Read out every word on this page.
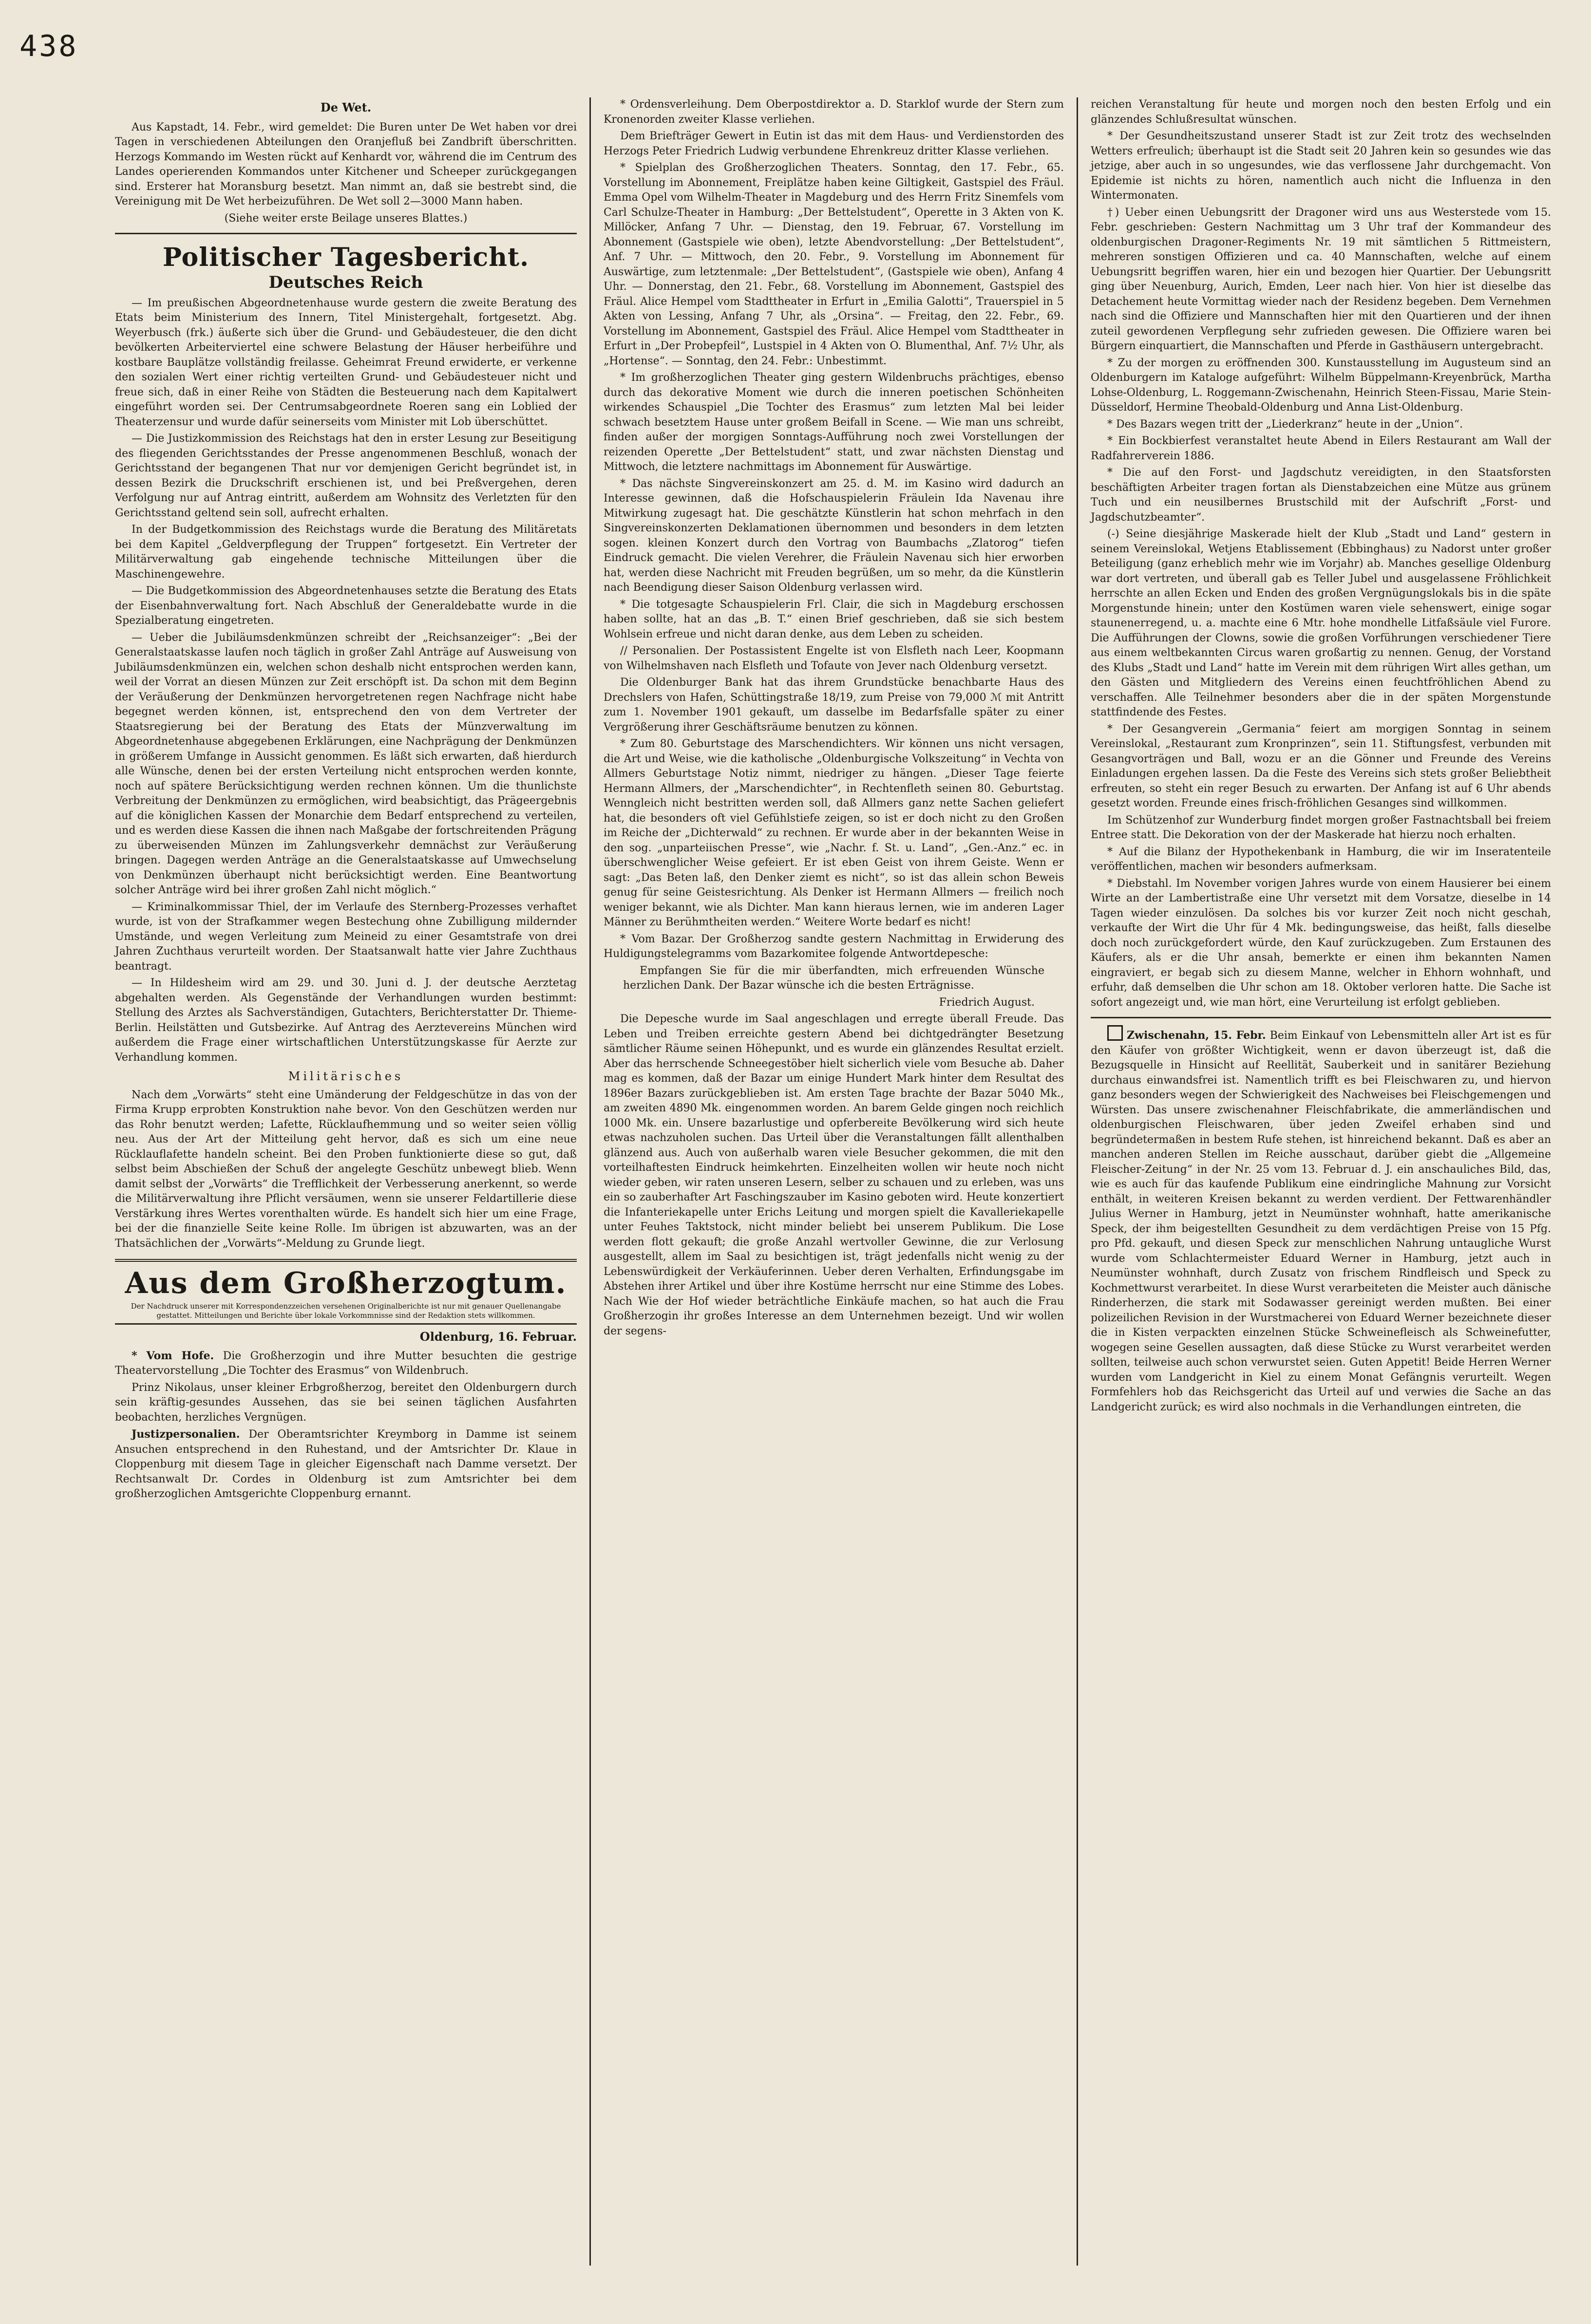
438
De Wet.

Aus Kapstadt, 14. Febr., wird gemeldet: Die Buren unter De Wet haben vor drei Tagen in verschiedenen Abteilungen den Oranjefluß bei Zandbrift überschritten. Herzogs Kommando im Westen rückt auf Kenhardt vor, während die im Centrum des Landes operierenden Kommandos unter Kitchener und Scheeper zurückgegangen sind. Ersterer hat Moransburg besetzt. Man nimmt an, daß sie bestrebt sind, die Vereinigung mit De Wet herbeizuführen. De Wet soll 2—3000 Mann haben.

(Siehe weiter erste Beilage unseres Blattes.)

Politischer Tagesbericht.
Deutsches Reich

— Im preußischen Abgeordnetenhause wurde gestern die zweite Beratung des Etats beim Ministerium des Innern, Titel Ministergehalt, fortgesetzt. Abg. Weyerbusch (frk.) äußerte sich über die Grund- und Gebäudesteuer, die den dicht bevölkerten Arbeiterviertel eine schwere Belastung der Häuser herbeiführe und kostbare Bauplätze vollständig freilasse. Geheimrat Freund erwiderte, er verkenne den sozialen Wert einer richtig verteilten Grund- und Gebäudesteuer nicht und freue sich, daß in einer Reihe von Städten die Besteuerung nach dem Kapitalwert eingeführt worden sei. Der Centrumsabgeordnete Roeren sang ein Loblied der Theaterzensur und wurde dafür seinerseits vom Minister mit Lob überschüttet.

— Die Justizkommission des Reichstags hat den in erster Lesung zur Beseitigung des fliegenden Gerichtsstandes der Presse angenommenen Beschluß, wonach der Gerichtsstand der begangenen That nur vor demjenigen Gericht begründet ist, in dessen Bezirk die Druckschrift erschienen ist, und bei Preßvergehen, deren Verfolgung nur auf Antrag eintritt, außerdem am Wohnsitz des Verletzten für den Gerichtsstand geltend sein soll, aufrecht erhalten.

In der Budgetkommission des Reichstags wurde die Beratung des Militäretats bei dem Kapitel „Geldverpflegung der Truppen“ fortgesetzt. Ein Vertreter der Militärverwaltung gab eingehende technische Mitteilungen über die Maschinengewehre.

— Die Budgetkommission des Abgeordnetenhauses setzte die Beratung des Etats der Eisenbahnverwaltung fort. Nach Abschluß der Generaldebatte wurde in die Spezialberatung eingetreten.

— Ueber die Jubiläumsdenkmünzen schreibt der „Reichsanzeiger“: „Bei der Generalstaatskasse laufen noch täglich in großer Zahl Anträge auf Ausweisung von Jubiläumsdenkmünzen ein, welchen schon deshalb nicht entsprochen werden kann, weil der Vorrat an diesen Münzen zur Zeit erschöpft ist. Da schon mit dem Beginn der Veräußerung der Denkmünzen hervorgetretenen regen Nachfrage nicht habe begegnet werden können, ist, entsprechend den von dem Vertreter der Staatsregierung bei der Beratung des Etats der Münzverwaltung im Abgeordnetenhause abgegebenen Erklärungen, eine Nachprägung der Denkmünzen in größerem Umfange in Aussicht genommen. Es läßt sich erwarten, daß hierdurch alle Wünsche, denen bei der ersten Verteilung nicht entsprochen werden konnte, noch auf spätere Berücksichtigung werden rechnen können. Um die thunlichste Verbreitung der Denkmünzen zu ermöglichen, wird beabsichtigt, das Prägeergebnis auf die königlichen Kassen der Monarchie dem Bedarf entsprechend zu verteilen, und es werden diese Kassen die ihnen nach Maßgabe der fortschreitenden Prägung zu überweisenden Münzen im Zahlungsverkehr demnächst zur Veräußerung bringen. Dagegen werden Anträge an die Generalstaatskasse auf Umwechselung von Denkmünzen überhaupt nicht berücksichtigt werden. Eine Beantwortung solcher Anträge wird bei ihrer großen Zahl nicht möglich.“

— Kriminalkommissar Thiel, der im Verlaufe des Sternberg-Prozesses verhaftet wurde, ist von der Strafkammer wegen Bestechung ohne Zubilligung mildernder Umstände, und wegen Verleitung zum Meineid zu einer Gesamtstrafe von drei Jahren Zuchthaus verurteilt worden. Der Staatsanwalt hatte vier Jahre Zuchthaus beantragt.

— In Hildesheim wird am 29. und 30. Juni d. J. der deutsche Aerztetag abgehalten werden. Als Gegenstände der Verhandlungen wurden bestimmt: Stellung des Arztes als Sachverständigen, Gutachters, Berichterstatter Dr. Thieme-Berlin. Heilstätten und Gutsbezirke. Auf Antrag des Aerztevereins München wird außerdem die Frage einer wirtschaftlichen Unterstützungskasse für Aerzte zur Verhandlung kommen.

Militärisches

Nach dem „Vorwärts“ steht eine Umänderung der Feldgeschütze in das von der Firma Krupp erprobten Konstruktion nahe bevor. Von den Geschützen werden nur das Rohr benutzt werden; Lafette, Rücklaufhemmung und so weiter seien völlig neu. Aus der Art der Mitteilung geht hervor, daß es sich um eine neue Rücklauflafette handeln scheint. Bei den Proben funktionierte diese so gut, daß selbst beim Abschießen der Schuß der angelegte Geschütz unbewegt blieb. Wenn damit selbst der „Vorwärts“ die Trefflichkeit der Verbesserung anerkennt, so werde die Militärverwaltung ihre Pflicht versäumen, wenn sie unserer Feldartillerie diese Verstärkung ihres Wertes vorenthalten würde. Es handelt sich hier um eine Frage, bei der die finanzielle Seite keine Rolle. Im übrigen ist abzuwarten, was an der Thatsächlichen der „Vorwärts“-Meldung zu Grunde liegt.

Aus dem Großherzogtum.
Der Nachdruck unserer mit Korrespondenzzeichen versehenen Originalberichte ist nur mit genauer Quellenangabe gestattet. Mitteilungen und Berichte über lokale Vorkommnisse sind der Redaktion stets willkommen.
Oldenburg, 16. Februar.

* Vom Hofe. Die Großherzogin und ihre Mutter besuchten die gestrige Theatervorstellung „Die Tochter des Erasmus“ von Wildenbruch.

Prinz Nikolaus, unser kleiner Erbgroßherzog, bereitet den Oldenburgern durch sein kräftig-gesundes Aussehen, das sie bei seinen täglichen Ausfahrten beobachten, herzliches Vergnügen.

Justizpersonalien. Der Oberamtsrichter Kreymborg in Damme ist seinem Ansuchen entsprechend in den Ruhestand, und der Amtsrichter Dr. Klaue in Cloppenburg mit diesem Tage in gleicher Eigenschaft nach Damme versetzt. Der Rechtsanwalt Dr. Cordes in Oldenburg ist zum Amtsrichter bei dem großherzoglichen Amtsgerichte Cloppenburg ernannt.

* Ordensverleihung. Dem Oberpostdirektor a. D. Starklof wurde der Stern zum Kronenorden zweiter Klasse verliehen.

Dem Briefträger Gewert in Eutin ist das mit dem Haus- und Verdienstorden des Herzogs Peter Friedrich Ludwig verbundene Ehrenkreuz dritter Klasse verliehen.

* Spielplan des Großherzoglichen Theaters. Sonntag, den 17. Febr., 65. Vorstellung im Abonnement, Freiplätze haben keine Giltigkeit, Gastspiel des Fräul. Emma Opel vom Wilhelm-Theater in Magdeburg und des Herrn Fritz Sinemfels vom Carl Schulze-Theater in Hamburg: „Der Bettelstudent“, Operette in 3 Akten von K. Millöcker, Anfang 7 Uhr. — Dienstag, den 19. Februar, 67. Vorstellung im Abonnement (Gastspiele wie oben), letzte Abendvorstellung: „Der Bettelstudent“, Anf. 7 Uhr. — Mittwoch, den 20. Febr., 9. Vorstellung im Abonnement für Auswärtige, zum letztenmale: „Der Bettelstudent“, (Gastspiele wie oben), Anfang 4 Uhr. — Donnerstag, den 21. Febr., 68. Vorstellung im Abonnement, Gastspiel des Fräul. Alice Hempel vom Stadttheater in Erfurt in „Emilia Galotti“, Trauerspiel in 5 Akten von Lessing, Anfang 7 Uhr, als „Orsina“. — Freitag, den 22. Febr., 69. Vorstellung im Abonnement, Gastspiel des Fräul. Alice Hempel vom Stadttheater in Erfurt in „Der Probepfeil“, Lustspiel in 4 Akten von O. Blumenthal, Anf. 7½ Uhr, als „Hortense“. — Sonntag, den 24. Febr.: Unbestimmt.

* Im großherzoglichen Theater ging gestern Wildenbruchs prächtiges, ebenso durch das dekorative Moment wie durch die inneren poetischen Schönheiten wirkendes Schauspiel „Die Tochter des Erasmus“ zum letzten Mal bei leider schwach besetztem Hause unter großem Beifall in Scene. — Wie man uns schreibt, finden außer der morgigen Sonntags-Aufführung noch zwei Vorstellungen der reizenden Operette „Der Bettelstudent“ statt, und zwar nächsten Dienstag und Mittwoch, die letztere nachmittags im Abonnement für Auswärtige.

* Das nächste Singvereinskonzert am 25. d. M. im Kasino wird dadurch an Interesse gewinnen, daß die Hofschauspielerin Fräulein Ida Navenau ihre Mitwirkung zugesagt hat. Die geschätzte Künstlerin hat schon mehrfach in den Singvereinskonzerten Deklamationen übernommen und besonders in dem letzten sogen. kleinen Konzert durch den Vortrag von Baumbachs „Zlatorog“ tiefen Eindruck gemacht. Die vielen Verehrer, die Fräulein Navenau sich hier erworben hat, werden diese Nachricht mit Freuden begrüßen, um so mehr, da die Künstlerin nach Beendigung dieser Saison Oldenburg verlassen wird.

* Die totgesagte Schauspielerin Frl. Clair, die sich in Magdeburg erschossen haben sollte, hat an das „B. T.“ einen Brief geschrieben, daß sie sich bestem Wohlsein erfreue und nicht daran denke, aus dem Leben zu scheiden.

// Personalien. Der Postassistent Engelte ist von Elsfleth nach Leer, Koopmann von Wilhelmshaven nach Elsfleth und Tofaute von Jever nach Oldenburg versetzt.

Die Oldenburger Bank hat das ihrem Grundstücke benachbarte Haus des Drechslers von Hafen, Schüttingstraße 18/19, zum Preise von 79,000 ℳ mit Antritt zum 1. November 1901 gekauft, um dasselbe im Bedarfsfalle später zu einer Vergrößerung ihrer Geschäftsräume benutzen zu können.

* Zum 80. Geburtstage des Marschendichters. Wir können uns nicht versagen, die Art und Weise, wie die katholische „Oldenburgische Volkszeitung“ in Vechta von Allmers Geburtstage Notiz nimmt, niedriger zu hängen. „Dieser Tage feierte Hermann Allmers, der „Marschendichter“, in Rechtenfleth seinen 80. Geburtstag. Wenngleich nicht bestritten werden soll, daß Allmers ganz nette Sachen geliefert hat, die besonders oft viel Gefühlstiefe zeigen, so ist er doch nicht zu den Großen im Reiche der „Dichterwald“ zu rechnen. Er wurde aber in der bekannten Weise in den sog. „unparteiischen Presse“, wie „Nachr. f. St. u. Land“, „Gen.-Anz.“ ec. in überschwenglicher Weise gefeiert. Er ist eben Geist von ihrem Geiste. Wenn er sagt: „Das Beten laß, den Denker ziemt es nicht“, so ist das allein schon Beweis genug für seine Geistesrichtung. Als Denker ist Hermann Allmers — freilich noch weniger bekannt, wie als Dichter. Man kann hieraus lernen, wie im anderen Lager Männer zu Berühmtheiten werden.“ Weitere Worte bedarf es nicht!

* Vom Bazar. Der Großherzog sandte gestern Nachmittag in Erwiderung des Huldigungstelegramms vom Bazarkomitee folgende Antwortdepesche:

Empfangen Sie für die mir überfandten, mich erfreuenden Wünsche herzlichen Dank. Der Bazar wünsche ich die besten Erträgnisse.

Friedrich August.

Die Depesche wurde im Saal angeschlagen und erregte überall Freude. Das Leben und Treiben erreichte gestern Abend bei dichtgedrängter Besetzung sämtlicher Räume seinen Höhepunkt, und es wurde ein glänzendes Resultat erzielt. Aber das herrschende Schneegestöber hielt sicherlich viele vom Besuche ab. Daher mag es kommen, daß der Bazar um einige Hundert Mark hinter dem Resultat des 1896er Bazars zurückgeblieben ist. Am ersten Tage brachte der Bazar 5040 Mk., am zweiten 4890 Mk. eingenommen worden. An barem Gelde gingen noch reichlich 1000 Mk. ein. Unsere bazarlustige und opferbereite Bevölkerung wird sich heute etwas nachzuholen suchen. Das Urteil über die Veranstaltungen fällt allenthalben glänzend aus. Auch von außerhalb waren viele Besucher gekommen, die mit den vorteilhaftesten Eindruck heimkehrten. Einzelheiten wollen wir heute noch nicht wieder geben, wir raten unseren Lesern, selber zu schauen und zu erleben, was uns ein so zauberhafter Art Faschingszauber im Kasino geboten wird. Heute konzertiert die Infanteriekapelle unter Erichs Leitung und morgen spielt die Kavalleriekapelle unter Feuhes Taktstock, nicht minder beliebt bei unserem Publikum. Die Lose werden flott gekauft; die große Anzahl wertvoller Gewinne, die zur Verlosung ausgestellt, allem im Saal zu besichtigen ist, trägt jedenfalls nicht wenig zu der Lebenswürdigkeit der Verkäuferinnen. Ueber deren Verhalten, Erfindungsgabe im Abstehen ihrer Artikel und über ihre Kostüme herrscht nur eine Stimme des Lobes. Nach Wie der Hof wieder beträchtliche Einkäufe machen, so hat auch die Frau Großherzogin ihr großes Interesse an dem Unternehmen bezeigt. Und wir wollen der segens-

reichen Veranstaltung für heute und morgen noch den besten Erfolg und ein glänzendes Schlußresultat wünschen.

* Der Gesundheitszustand unserer Stadt ist zur Zeit trotz des wechselnden Wetters erfreulich; überhaupt ist die Stadt seit 20 Jahren kein so gesundes wie das jetzige, aber auch in so ungesundes, wie das verflossene Jahr durchgemacht. Von Epidemie ist nichts zu hören, namentlich auch nicht die Influenza in den Wintermonaten.

†) Ueber einen Uebungsritt der Dragoner wird uns aus Westerstede vom 15. Febr. geschrieben: Gestern Nachmittag um 3 Uhr traf der Kommandeur des oldenburgischen Dragoner-Regiments Nr. 19 mit sämtlichen 5 Rittmeistern, mehreren sonstigen Offizieren und ca. 40 Mannschaften, welche auf einem Uebungsritt begriffen waren, hier ein und bezogen hier Quartier. Der Uebungsritt ging über Neuenburg, Aurich, Emden, Leer nach hier. Von hier ist dieselbe das Detachement heute Vormittag wieder nach der Residenz begeben. Dem Vernehmen nach sind die Offiziere und Mannschaften hier mit den Quartieren und der ihnen zuteil gewordenen Verpflegung sehr zufrieden gewesen. Die Offiziere waren bei Bürgern einquartiert, die Mannschaften und Pferde in Gasthäusern untergebracht.

* Zu der morgen zu eröffnenden 300. Kunstausstellung im Augusteum sind an Oldenburgern im Kataloge aufgeführt: Wilhelm Büppelmann-Kreyenbrück, Martha Lohse-Oldenburg, L. Roggemann-Zwischenahn, Heinrich Steen-Fissau, Marie Stein-Düsseldorf, Hermine Theobald-Oldenburg und Anna List-Oldenburg.

* Des Bazars wegen tritt der „Liederkranz“ heute in der „Union“.

* Ein Bockbierfest veranstaltet heute Abend in Eilers Restaurant am Wall der Radfahrerverein 1886.

* Die auf den Forst- und Jagdschutz vereidigten, in den Staatsforsten beschäftigten Arbeiter tragen fortan als Dienstabzeichen eine Mütze aus grünem Tuch und ein neusilbernes Brustschild mit der Aufschrift „Forst- und Jagdschutzbeamter“.

(-) Seine diesjährige Maskerade hielt der Klub „Stadt und Land“ gestern in seinem Vereinslokal, Wetjens Etablissement (Ebbinghaus) zu Nadorst unter großer Beteiligung (ganz erheblich mehr wie im Vorjahr) ab. Manches gesellige Oldenburg war dort vertreten, und überall gab es Teller Jubel und ausgelassene Fröhlichkeit herrschte an allen Ecken und Enden des großen Vergnügungslokals bis in die späte Morgenstunde hinein; unter den Kostümen waren viele sehenswert, einige sogar staunenerregend, u. a. machte eine 6 Mtr. hohe mondhelle Litfaßsäule viel Furore. Die Aufführungen der Clowns, sowie die großen Vorführungen verschiedener Tiere aus einem weltbekannten Circus waren großartig zu nennen. Genug, der Vorstand des Klubs „Stadt und Land“ hatte im Verein mit dem rührigen Wirt alles gethan, um den Gästen und Mitgliedern des Vereins einen feuchtfröhlichen Abend zu verschaffen. Alle Teilnehmer besonders aber die in der späten Morgenstunde stattfindende des Festes.

* Der Gesangverein „Germania“ feiert am morgigen Sonntag in seinem Vereinslokal, „Restaurant zum Kronprinzen“, sein 11. Stiftungsfest, verbunden mit Gesangvorträgen und Ball, wozu er an die Gönner und Freunde des Vereins Einladungen ergehen lassen. Da die Feste des Vereins sich stets großer Beliebtheit erfreuten, so steht ein reger Besuch zu erwarten. Der Anfang ist auf 6 Uhr abends gesetzt worden. Freunde eines frisch-fröhlichen Gesanges sind willkommen.

Im Schützenhof zur Wunderburg findet morgen großer Fastnachtsball bei freiem Entree statt. Die Dekoration von der der Maskerade hat hierzu noch erhalten.

* Auf die Bilanz der Hypothekenbank in Hamburg, die wir im Inseratenteile veröffentlichen, machen wir besonders aufmerksam.

* Diebstahl. Im November vorigen Jahres wurde von einem Hausierer bei einem Wirte an der Lambertistraße eine Uhr versetzt mit dem Vorsatze, dieselbe in 14 Tagen wieder einzulösen. Da solches bis vor kurzer Zeit noch nicht geschah, verkaufte der Wirt die Uhr für 4 Mk. bedingungsweise, das heißt, falls dieselbe doch noch zurückgefordert würde, den Kauf zurückzugeben. Zum Erstaunen des Käufers, als er die Uhr ansah, bemerkte er einen ihm bekannten Namen eingraviert, er begab sich zu diesem Manne, welcher in Ehhorn wohnhaft, und erfuhr, daß demselben die Uhr schon am 18. Oktober verloren hatte. Die Sache ist sofort angezeigt und, wie man hört, eine Verurteilung ist erfolgt geblieben.

Zwischenahn, 15. Febr. Beim Einkauf von Lebensmitteln aller Art ist es für den Käufer von größter Wichtigkeit, wenn er davon überzeugt ist, daß die Bezugsquelle in Hinsicht auf Reellität, Sauberkeit und in sanitärer Beziehung durchaus einwandsfrei ist. Namentlich trifft es bei Fleischwaren zu, und hiervon ganz besonders wegen der Schwierigkeit des Nachweises bei Fleischgemengen und Würsten. Das unsere zwischenahner Fleischfabrikate, die ammerländischen und oldenburgischen Fleischwaren, über jeden Zweifel erhaben sind und begründetermaßen in bestem Rufe stehen, ist hinreichend bekannt. Daß es aber an manchen anderen Stellen im Reiche ausschaut, darüber giebt die „Allgemeine Fleischer-Zeitung“ in der Nr. 25 vom 13. Februar d. J. ein anschauliches Bild, das, wie es auch für das kaufende Publikum eine eindringliche Mahnung zur Vorsicht enthält, in weiteren Kreisen bekannt zu werden verdient. Der Fettwarenhändler Julius Werner in Hamburg, jetzt in Neumünster wohnhaft, hatte amerikanische Speck, der ihm beigestellten Gesundheit zu dem verdächtigen Preise von 15 Pfg. pro Pfd. gekauft, und diesen Speck zur menschlichen Nahrung untaugliche Wurst wurde vom Schlachtermeister Eduard Werner in Hamburg, jetzt auch in Neumünster wohnhaft, durch Zusatz von frischem Rindfleisch und Speck zu Kochmettwurst verarbeitet. In diese Wurst verarbeiteten die Meister auch dänische Rinderherzen, die stark mit Sodawasser gereinigt werden mußten. Bei einer polizeilichen Revision in der Wurstmacherei von Eduard Werner bezeichnete dieser die in Kisten verpackten einzelnen Stücke Schweinefleisch als Schweinefutter, wogegen seine Gesellen aussagten, daß diese Stücke zu Wurst verarbeitet werden sollten, teilweise auch schon verwurstet seien. Guten Appetit! Beide Herren Werner wurden vom Landgericht in Kiel zu einem Monat Gefängnis verurteilt. Wegen Formfehlers hob das Reichsgericht das Urteil auf und verwies die Sache an das Landgericht zurück; es wird also nochmals in die Verhandlungen eintreten, die
